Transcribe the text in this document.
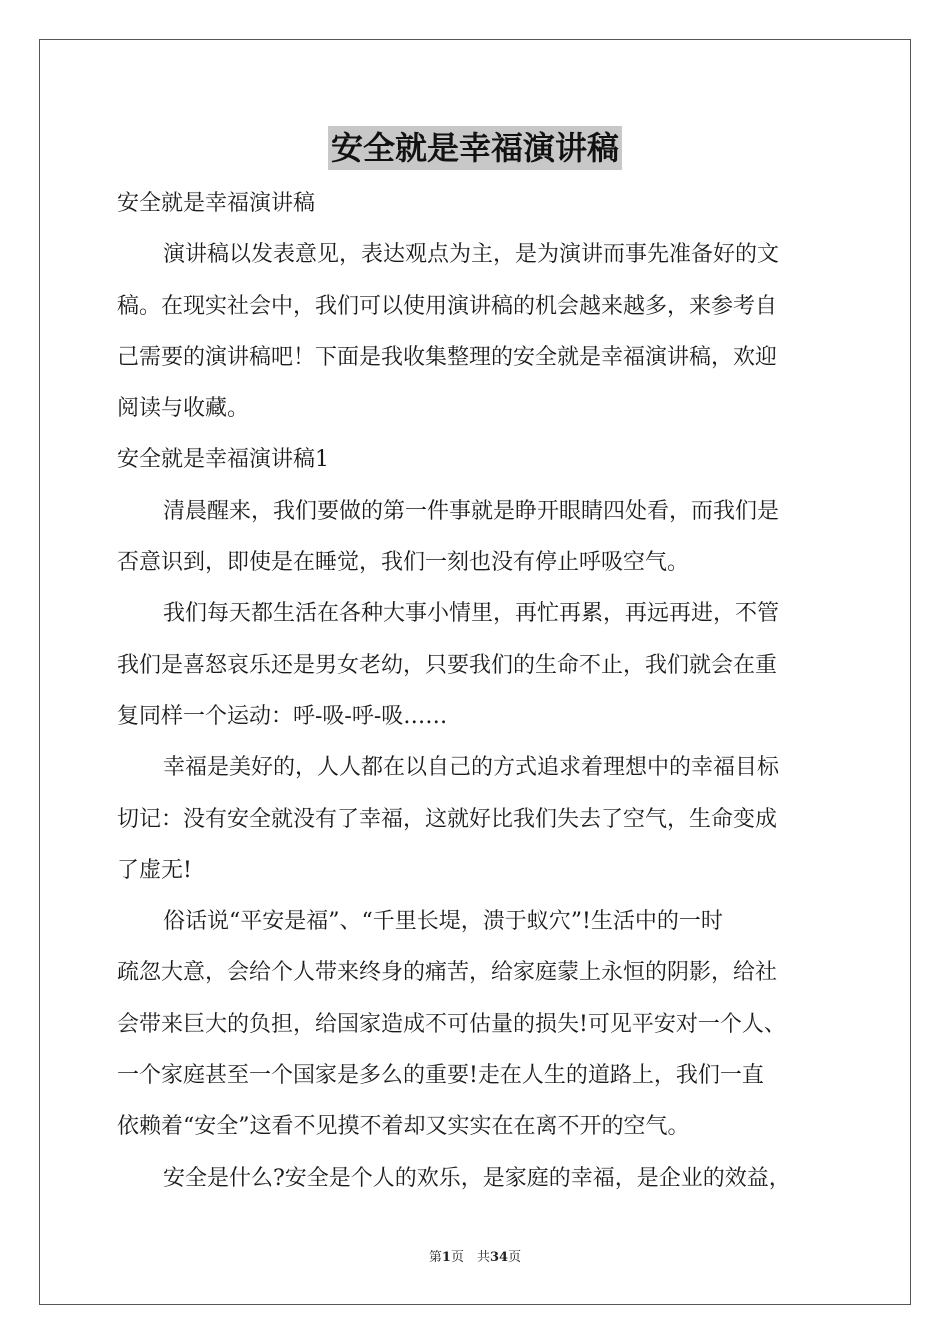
安全就是幸福演讲稿

安全就是幸福演讲稿

演讲稿以发表意见，表达观点为主，是为演讲而事先准备好的文

稿。在现实社会中，我们可以使用演讲稿的机会越来越多，来参考自

己需要的演讲稿吧！下面是我收集整理的安全就是幸福演讲稿，欢迎

阅读与收藏。

安全就是幸福演讲稿1

清晨醒来，我们要做的第一件事就是睁开眼睛四处看，而我们是

否意识到，即使是在睡觉，我们一刻也没有停止呼吸空气。

我们每天都生活在各种大事小情里，再忙再累，再远再进，不管

我们是喜怒哀乐还是男女老幼，只要我们的生命不止，我们就会在重

复同样一个运动：呼-吸-呼-吸……

幸福是美好的，人人都在以自己的方式追求着理想中的幸福目标

切记：没有安全就没有了幸福，这就好比我们失去了空气，生命变成

了虚无!

俗话说“平安是福”、“千里长堤，溃于蚁穴”!生活中的一时

疏忽大意，会给个人带来终身的痛苦，给家庭蒙上永恒的阴影，给社

会带来巨大的负担，给国家造成不可估量的损失!可见平安对一个人、

一个家庭甚至一个国家是多么的重要!走在人生的道路上，我们一直

依赖着“安全”这看不见摸不着却又实实在在离不开的空气。

安全是什么?安全是个人的欢乐，是家庭的幸福，是企业的效益，

第1页　共34页
